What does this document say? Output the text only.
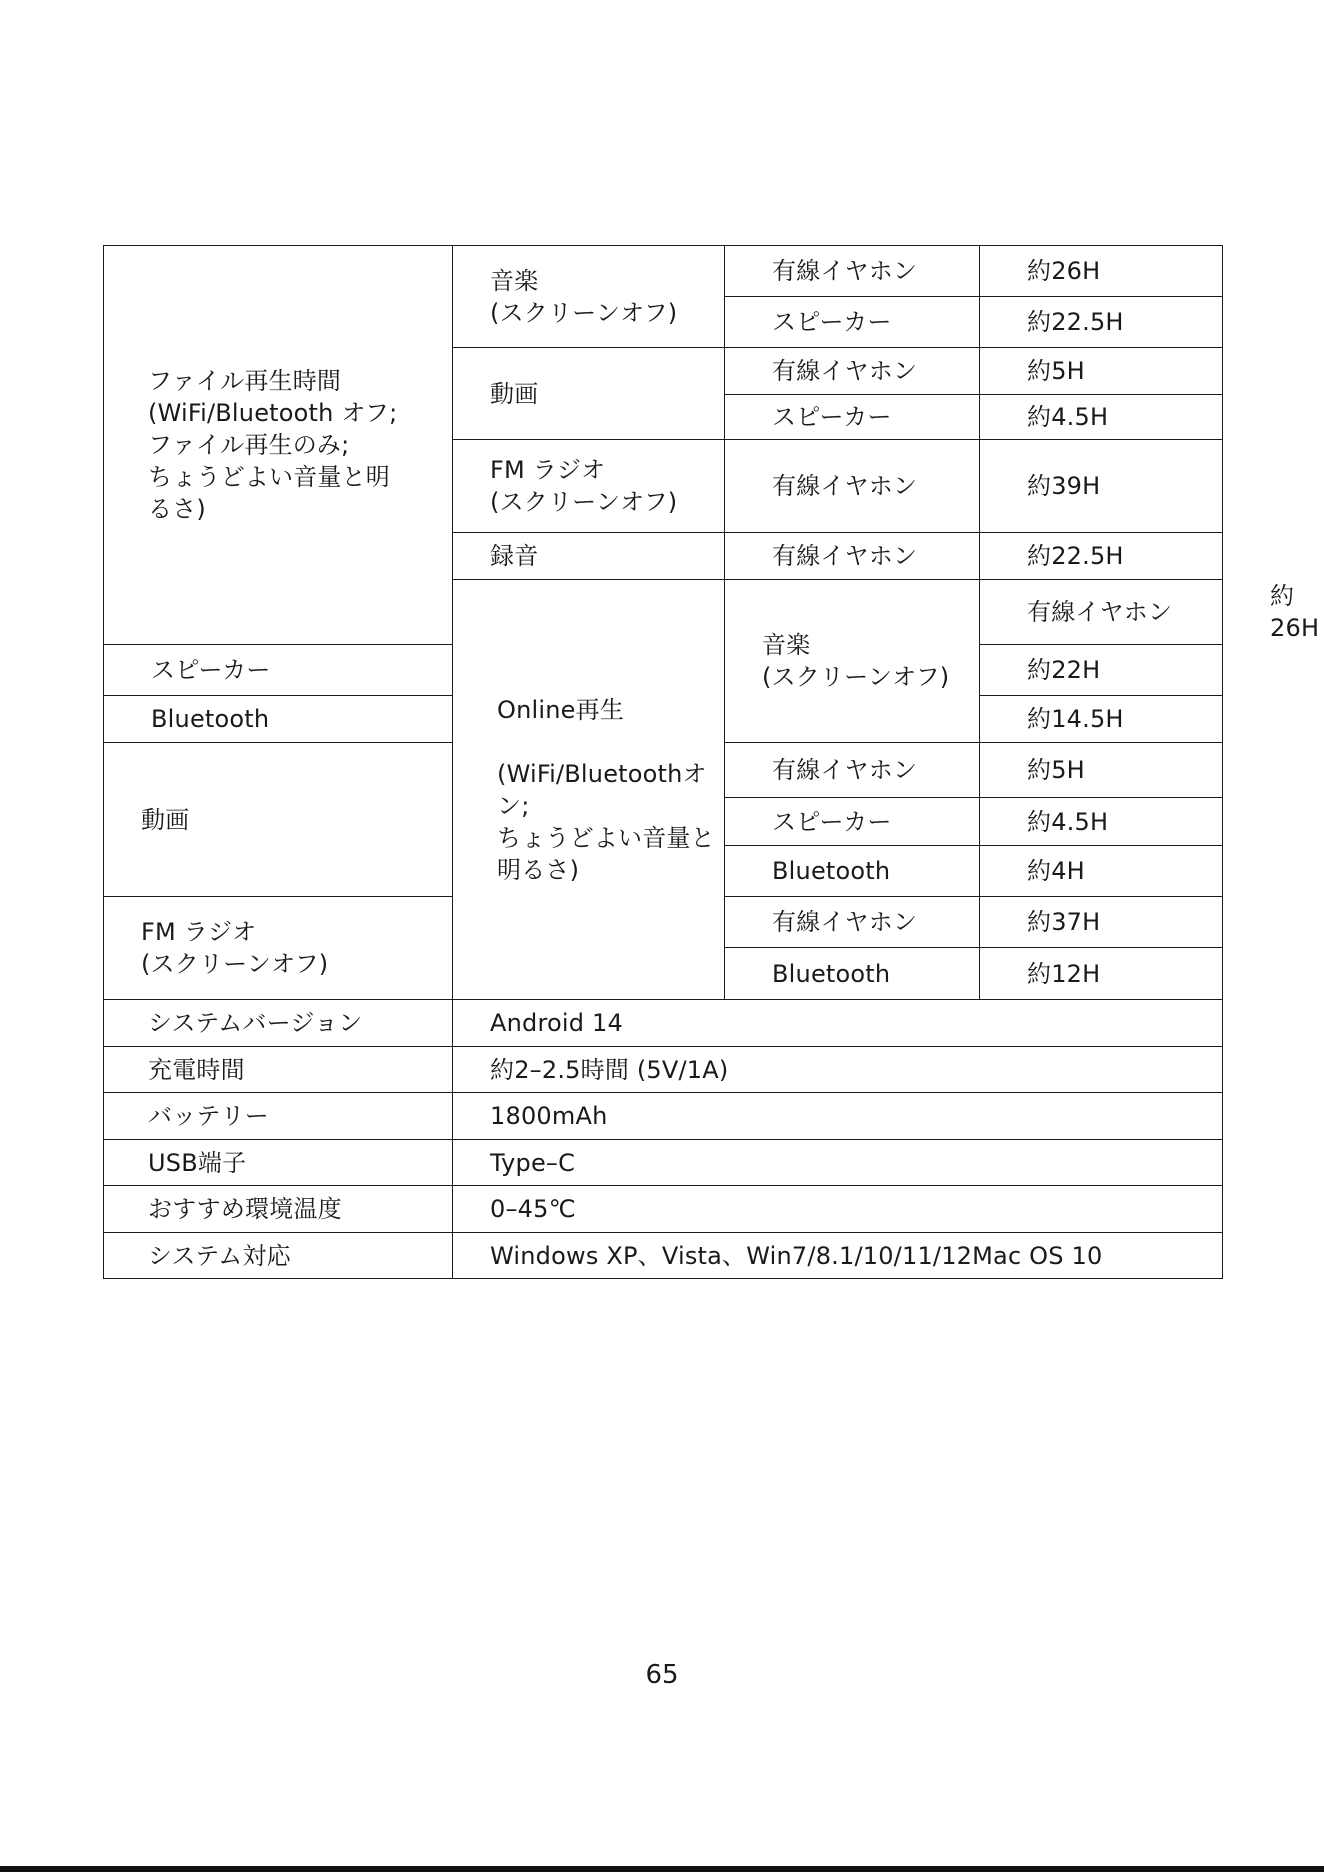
ファイル再生時間
(WiFi/Bluetooth オフ;
ファイル再生のみ;
ちょうどよい音量と明
るさ)	音楽
(スクリーンオフ)	有線イヤホン	約26H	
		スピーカー	約22.5H	
	動画	有線イヤホン	約5H	
		スピーカー	約4.5H	
	FM ラジオ
(スクリーンオフ)	有線イヤホン	約39H	
	録音	有線イヤホン	約22.5H	
	Online再生

(WiFi/Bluetoothオン;
ちょうどよい音量と
明るさ)	音楽
(スクリーンオフ)	有線イヤホン	約26H
スピーカー			約22H	
Bluetooth			約14.5H	
動画		有線イヤホン	約5H	
		スピーカー	約4.5H	
		Bluetooth	約4H	
FM ラジオ
(スクリーンオフ)		有線イヤホン	約37H	
		Bluetooth	約12H	
システムバージョン	Android 14			
充電時間	約2–2.5時間 (5V/1A)			
バッテリー	1800mAh			
USB端子	Type–C			
おすすめ環境温度	0–45℃			
システム対応	Windows XP、Vista、Win7/8.1/10/11/12Mac OS 10			
65
